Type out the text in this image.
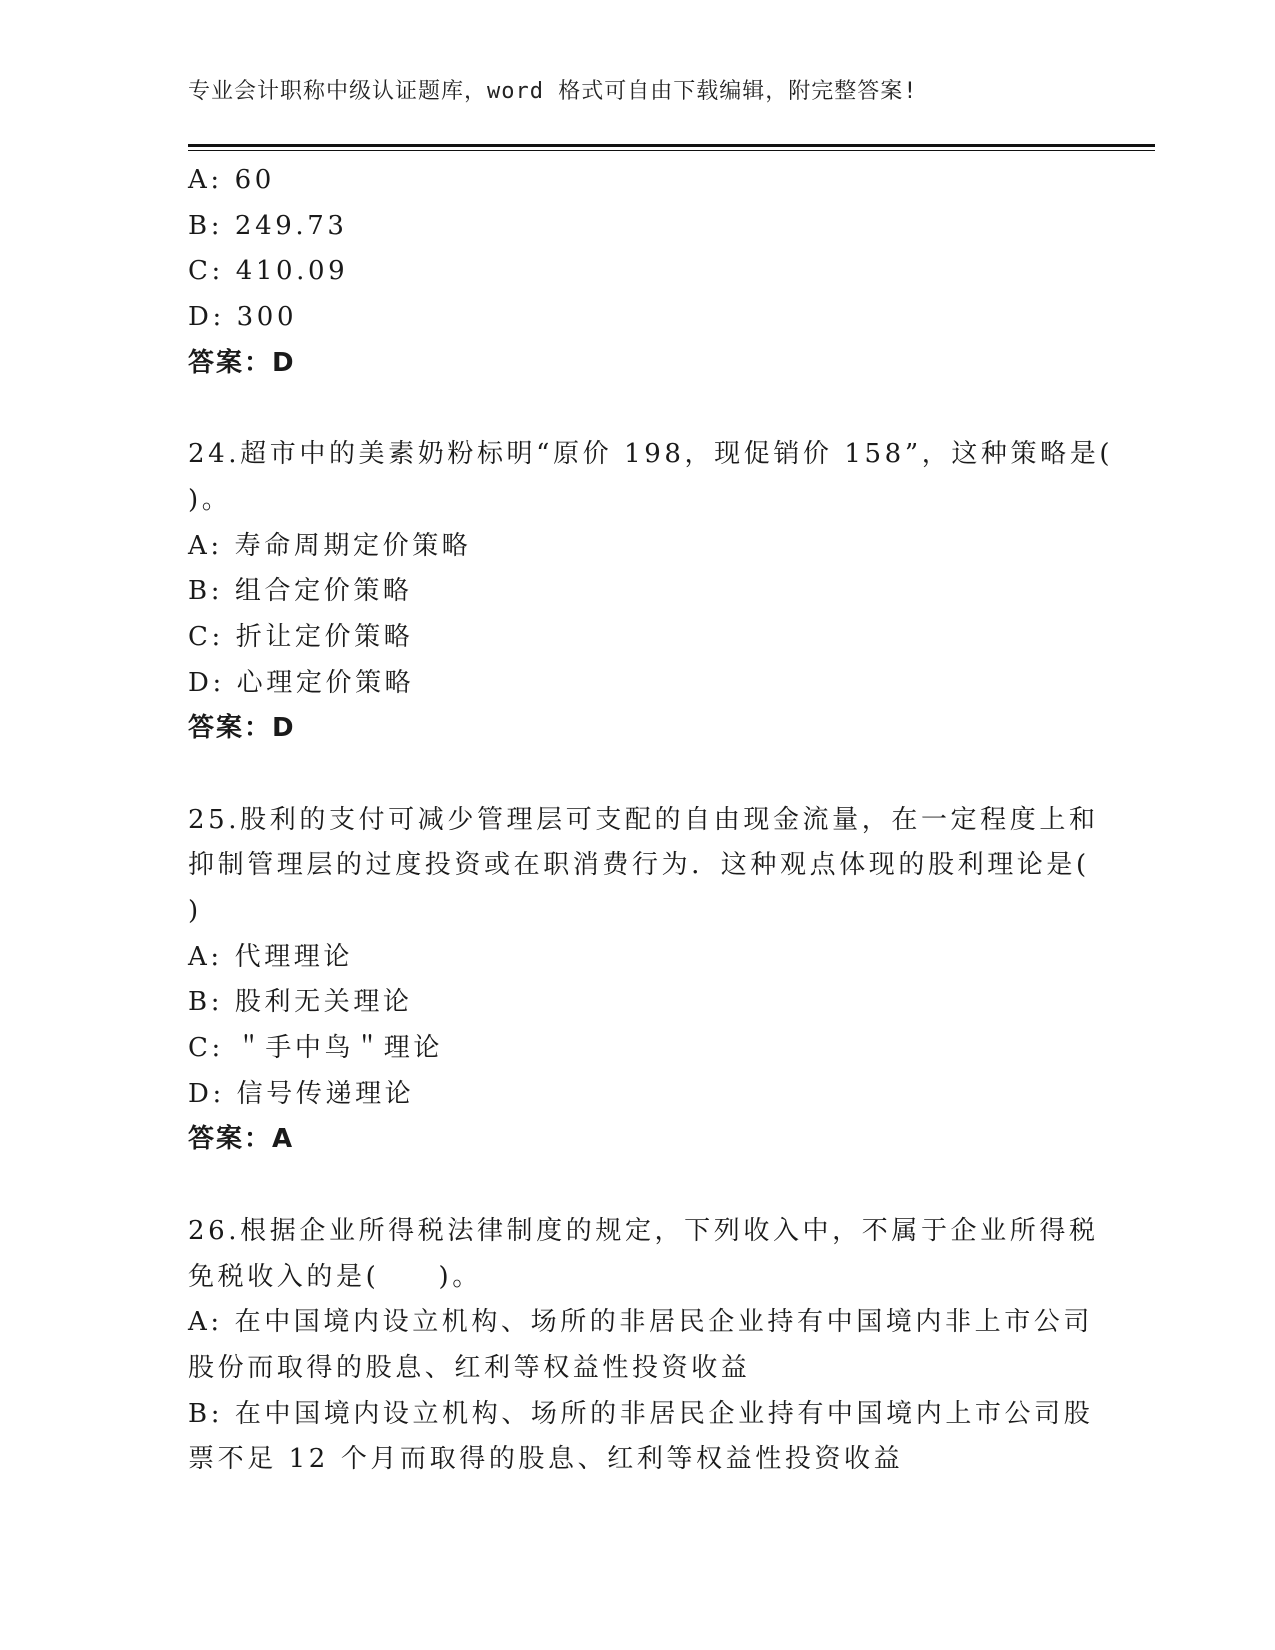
专业会计职称中级认证题库，word 格式可自由下载编辑，附完整答案!
A: 60
B: 249.73
C: 410.09
D: 300
答案：D
24.超市中的美素奶粉标明“原价 198，现促销价 158”，这种策略是(
)。
A: 寿命周期定价策略
B: 组合定价策略
C: 折让定价策略
D: 心理定价策略
答案：D
25.股利的支付可减少管理层可支配的自由现金流量，在一定程度上和
抑制管理层的过度投资或在职消费行为．这种观点体现的股利理论是(
)
A: 代理理论
B: 股利无关理论
C: ＂手中鸟＂理论
D: 信号传递理论
答案：A
26.根据企业所得税法律制度的规定，下列收入中，不属于企业所得税
免税收入的是(　　)。
A: 在中国境内设立机构、场所的非居民企业持有中国境内非上市公司
股份而取得的股息、红利等权益性投资收益
B: 在中国境内设立机构、场所的非居民企业持有中国境内上市公司股
票不足 12 个月而取得的股息、红利等权益性投资收益
